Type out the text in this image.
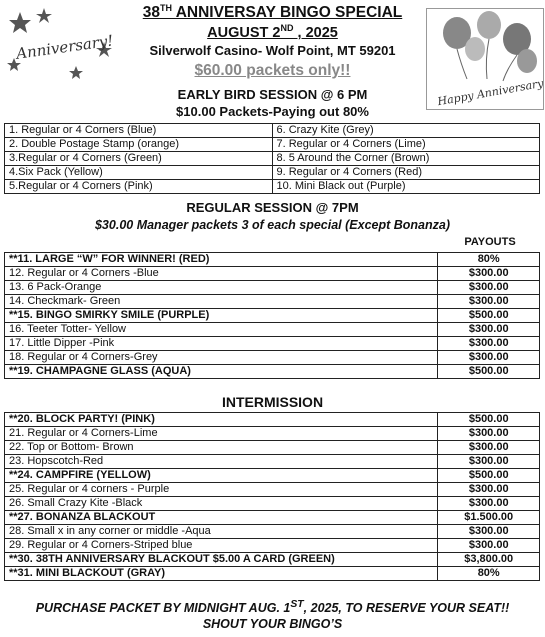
Anniversary!
Happy Anniversary
38TH ANNIVERSAY BINGO SPECIAL
AUGUST 2ND , 2025
Silverwolf Casino- Wolf Point, MT 59201
$60.00 packets only!!
EARLY BIRD SESSION @ 6 PM
$10.00 Packets-Paying out 80%
1. Regular or 4 Corners (Blue)	6. Crazy Kite (Grey)
2. Double Postage Stamp (orange)	7. Regular or 4 Corners (Lime)
3.Regular or 4 Corners (Green)	8. 5 Around the Corner (Brown)
4.Six Pack (Yellow)	9. Regular or 4 Corners (Red)
5.Regular or 4 Corners (Pink)	10. Mini Black out (Purple)
REGULAR SESSION @ 7PM
$30.00 Manager packets 3 of each special (Except Bonanza)
PAYOUTS
**11. LARGE “W” FOR WINNER! (RED)	80%
12. Regular or 4 Corners -Blue	$300.00
13. 6 Pack-Orange	$300.00
14. Checkmark- Green	$300.00
**15. BINGO SMIRKY SMILE (PURPLE)	$500.00
16. Teeter Totter- Yellow	$300.00
17. Little Dipper -Pink	$300.00
18. Regular or 4 Corners-Grey	$300.00
**19. CHAMPAGNE GLASS (AQUA)	$500.00
INTERMISSION
**20. BLOCK PARTY! (PINK)	$500.00
21. Regular or 4 Corners-Lime	$300.00
22. Top or Bottom- Brown	$300.00
23. Hopscotch-Red	$300.00
**24. CAMPFIRE (YELLOW)	$500.00
25. Regular or 4 corners - Purple	$300.00
26. Small Crazy Kite -Black	$300.00
**27. BONANZA BLACKOUT	$1.500.00
28. Small x in any corner or middle -Aqua	$300.00
29. Regular or 4 Corners-Striped blue	$300.00
**30. 38TH ANNIVERSARY BLACKOUT $5.00 A CARD (GREEN)	$3,800.00
**31. MINI BLACKOUT (GRAY)	80%
PURCHASE PACKET BY MIDNIGHT AUG. 1ST, 2025, TO RESERVE YOUR SEAT!!
SHOUT YOUR BINGO’S
